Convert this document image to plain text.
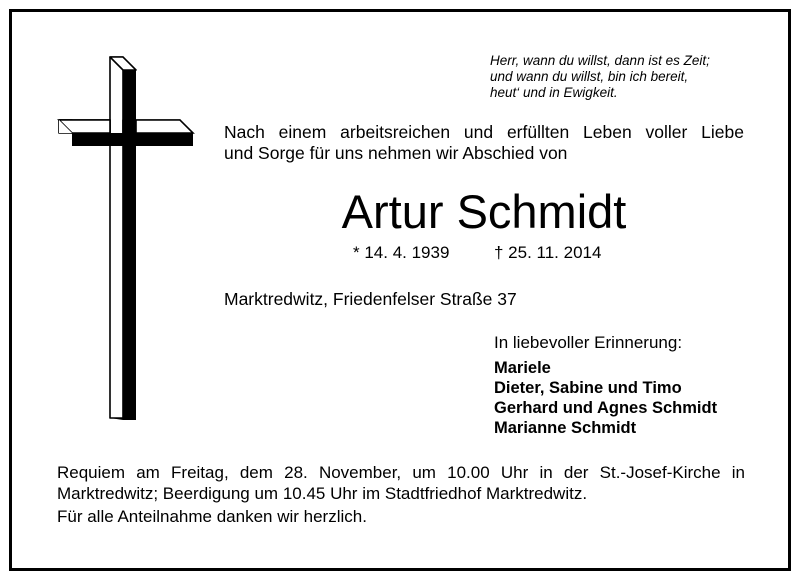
Herr, wann du willst, dann ist es Zeit;
und wann du willst, bin ich bereit,
heut‘ und in Ewigkeit.
Nach einem arbeitsreichen und erfüllten Leben voller Liebe
und Sorge für uns nehmen wir Abschied von
Artur Schmidt
* 14. 4. 1939	† 25. 11. 2014
Marktredwitz, Friedenfelser Straße 37
In liebevoller Erinnerung:
Mariele
Dieter, Sabine und Timo
Gerhard und Agnes Schmidt
Marianne Schmidt
Requiem am Freitag, dem 28. November, um 10.00 Uhr in der St.-Josef-Kirche in
Marktredwitz; Beerdigung um 10.45 Uhr im Stadtfriedhof Marktredwitz.
Für alle Anteilnahme danken wir herzlich.
